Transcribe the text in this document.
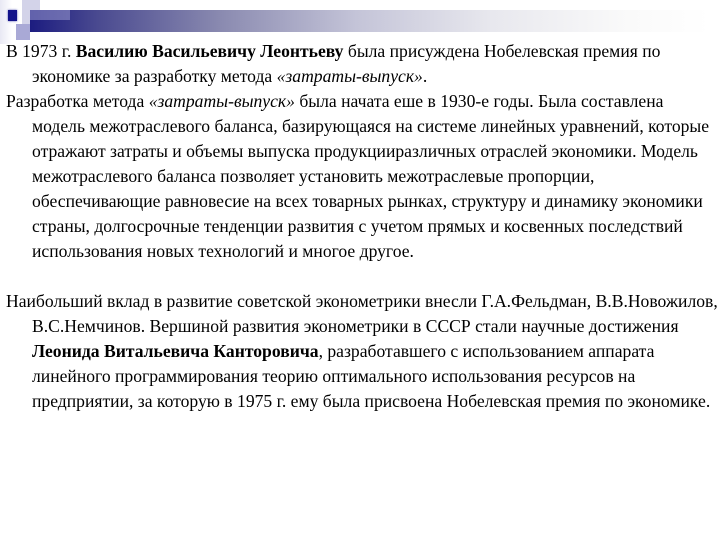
В 1973 г. Василию Васильевичу Леонтьеву была присуждена Нобелевская премия по экономике за разработку метода «затраты-выпуск».

Разработка метода «затраты-выпуск» была начата еше в 1930-е годы. Была составлена модель межотраслевого баланса, базирующаяся на системе линейных уравнений, которые отражают затраты и объемы выпуска продукцииразличных отраслей экономики. Модель межотраслевого баланса позволяет установить межотраслевые пропорции, обеспечивающие равновесие на всех товарных рынках, структуру и динамику экономики страны, долгосрочные тенденции развития с учетом прямых и косвенных последствий использования новых технологий и многое другое.

Наибольший вклад в развитие советской эконометрики внесли Г.А.Фельдман, В.В.Новожилов, В.С.Немчинов. Вершиной развития эконометрики в СССР стали научные достижения Леонида Витальевича Канторовича, разработавшего с использованием аппарата линейного программирования теорию оптимального использования ресурсов на предприятии, за которую в 1975 г. ему была присвоена Нобелевская премия по экономике.
